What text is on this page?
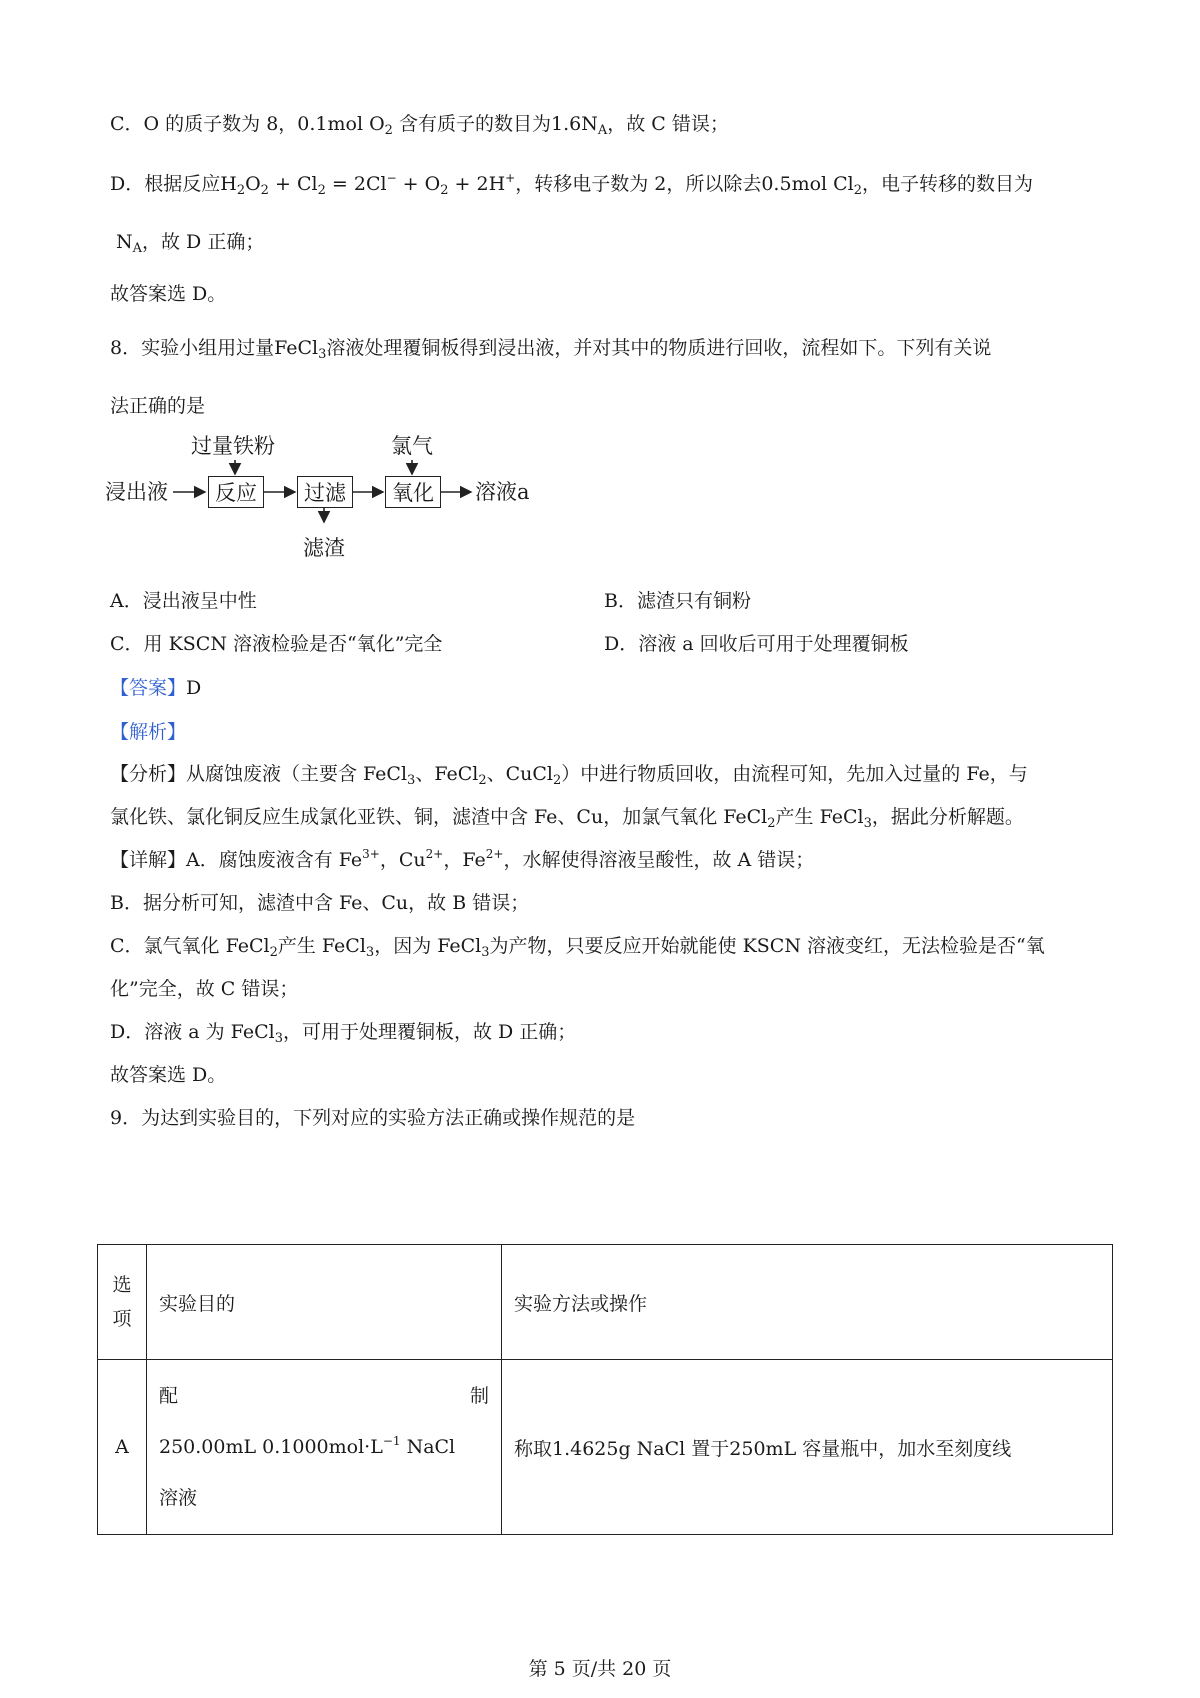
C．O 的质子数为 8，0.1mol $O_2$ 含有质子的数目为$1.6N_A$，故 C 错误；
D．根据反应$H_2O_2 + Cl_2 = 2Cl^- + O_2 + 2H^+$，转移电子数为 2，所以除去0.5mol $Cl_2$，电子转移的数目为
$N_A$，故 D 正确；
故答案选 D。
8．实验小组用过量FeCl$_3$溶液处理覆铜板得到浸出液，并对其中的物质进行回收，流程如下。下列有关说
法正确的是
浸出液
过量铁粉
反应	过滤
滤渣
氯气
氧化	溶液a
A．浸出液呈中性	B．滤渣只有铜粉
C．用 KSCN 溶液检验是否“氧化”完全	D．溶液 a 回收后可用于处理覆铜板
【答案】D
【解析】
【分析】从腐蚀废液（主要含 FeCl$_3$、FeCl$_2$、CuCl$_2$）中进行物质回收，由流程可知，先加入过量的 Fe，与
氯化铁、氯化铜反应生成氯化亚铁、铜，滤渣中含 Fe、Cu，加氯气氧化 FeCl$_2$产生 FeCl$_3$，据此分析解题。
【详解】A．腐蚀废液含有 $Fe^{3+}$，$Cu^{2+}$，$Fe^{2+}$，水解使得溶液呈酸性，故 A 错误；
B．据分析可知，滤渣中含 Fe、Cu，故 B 错误；
C．氯气氧化 FeCl$_2$产生 FeCl$_3$，因为 FeCl$_3$为产物，只要反应开始就能使 KSCN 溶液变红，无法检验是否“氧
化”完全，故 C 错误；
D．溶液 a 为 FeCl$_3$，可用于处理覆铜板，故 D 正确；
故答案选 D。
9．为达到实验目的，下列对应的实验方法正确或操作规范的是
选
项	实验目的	实验方法或操作
A	配 制
250.00mL $0.1000mol\cdot L^{-1}$ NaCl
溶液	称取1.4625g NaCl 置于250mL 容量瓶中，加水至刻度线
第 5 页/共 20 页
